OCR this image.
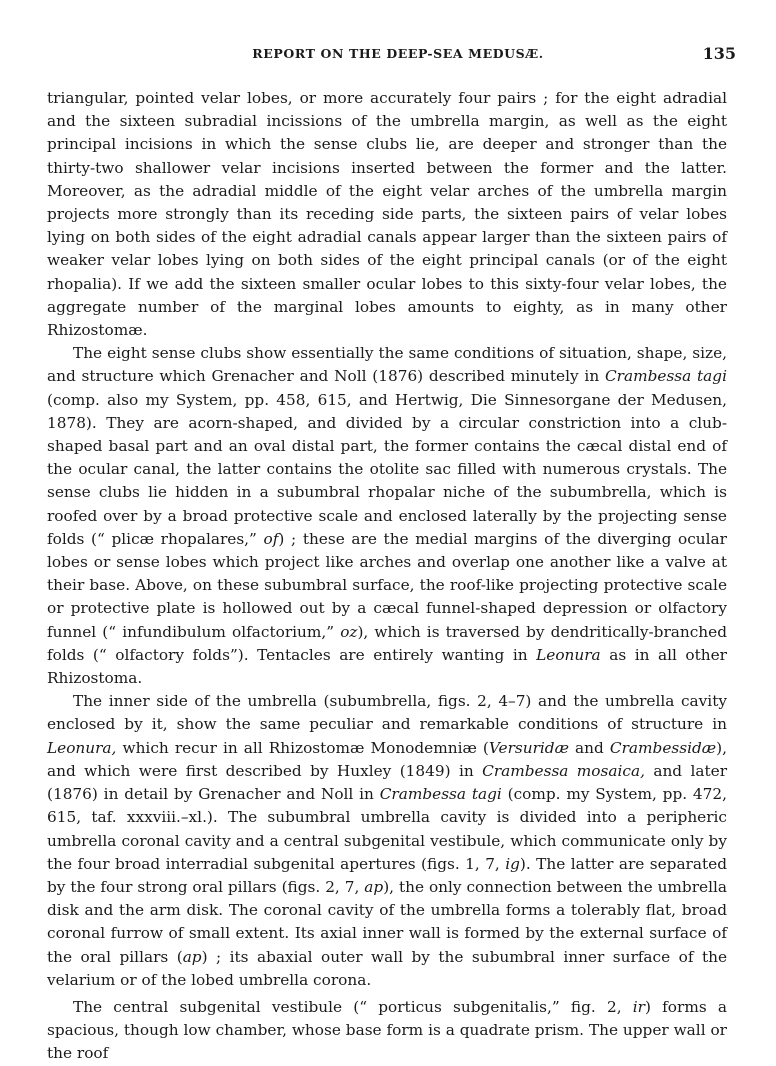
REPORT ON THE DEEP-SEA MEDUSÆ.	135

triangular, pointed velar lobes, or more accurately four pairs ; for the eight adradial and the sixteen subradial incissions of the umbrella margin, as well as the eight principal incisions in which the sense clubs lie, are deeper and stronger than the thirty-two shallower velar incisions inserted between the former and the latter. Moreover, as the adradial middle of the eight velar arches of the umbrella margin projects more strongly than its receding side parts, the sixteen pairs of velar lobes lying on both sides of the eight adradial canals appear larger than the sixteen pairs of weaker velar lobes lying on both sides of the eight principal canals (or of the eight rhopalia). If we add the sixteen smaller ocular lobes to this sixty-four velar lobes, the aggregate number of the marginal lobes amounts to eighty, as in many other Rhizostomæ.

The eight sense clubs show essentially the same conditions of situation, shape, size, and structure which Grenacher and Noll (1876) described minutely in Crambessa tagi (comp. also my System, pp. 458, 615, and Hertwig, Die Sinnesorgane der Medusen, 1878). They are acorn-shaped, and divided by a circular constriction into a club-shaped basal part and an oval distal part, the former contains the cæcal distal end of the ocular canal, the latter contains the otolite sac filled with numerous crystals. The sense clubs lie hidden in a subumbral rhopalar niche of the subumbrella, which is roofed over by a broad protective scale and enclosed laterally by the projecting sense folds (“ plicæ rhopalares,” of) ; these are the medial margins of the diverging ocular lobes or sense lobes which project like arches and overlap one another like a valve at their base. Above, on these subumbral surface, the roof-like projecting protective scale or protective plate is hollowed out by a cæcal funnel-shaped depression or olfactory funnel (“ infundibulum olfactorium,” oz), which is traversed by dendritically-branched folds (“ olfactory folds”). Tentacles are entirely wanting in Leonura as in all other Rhizostoma.

The inner side of the umbrella (subumbrella, figs. 2, 4–7) and the umbrella cavity enclosed by it, show the same peculiar and remarkable conditions of structure in Leonura, which recur in all Rhizostomæ Monodemniæ (Versuridæ and Crambessidæ), and which were first described by Huxley (1849) in Crambessa mosaica, and later (1876) in detail by Grenacher and Noll in Crambessa tagi (comp. my System, pp. 472, 615, taf. xxxviii.–xl.). The subumbral umbrella cavity is divided into a peripheric umbrella coronal cavity and a central subgenital vestibule, which communicate only by the four broad interradial subgenital apertures (figs. 1, 7, ig). The latter are separated by the four strong oral pillars (figs. 2, 7, ap), the only connection between the umbrella disk and the arm disk. The coronal cavity of the umbrella forms a tolerably flat, broad coronal furrow of small extent. Its axial inner wall is formed by the external surface of the oral pillars (ap) ; its abaxial outer wall by the subumbral inner surface of the velarium or of the lobed umbrella corona.

The central subgenital vestibule (“ porticus subgenitalis,” fig. 2, ir) forms a spacious, though low chamber, whose base form is a quadrate prism. The upper wall or the roof
